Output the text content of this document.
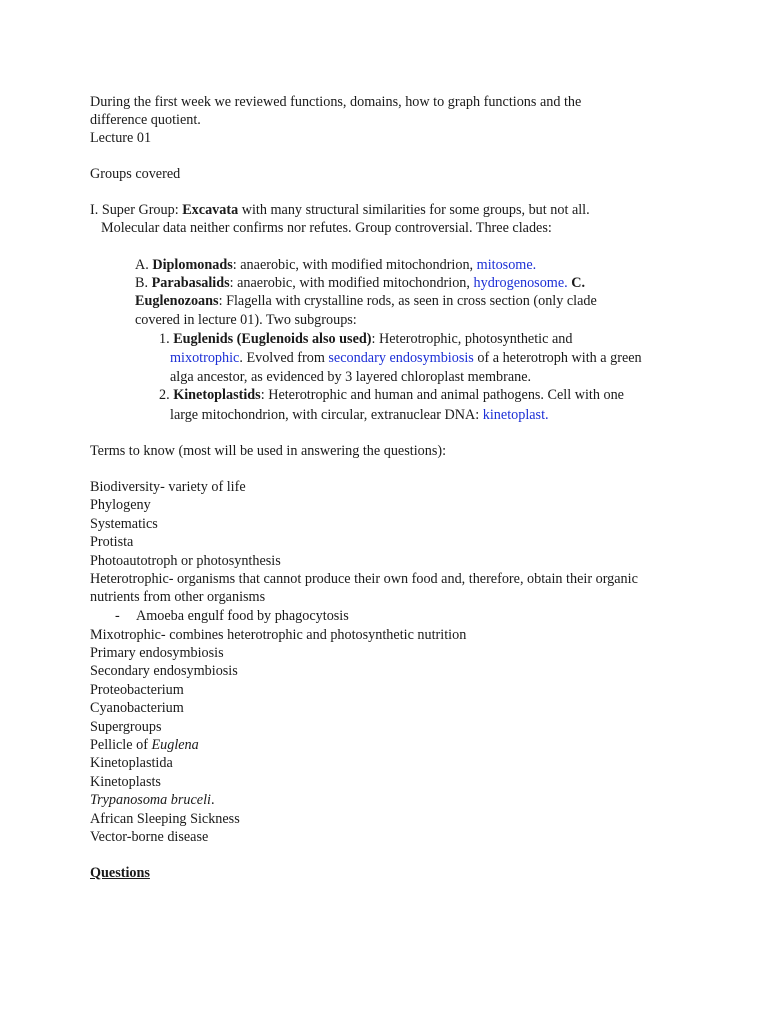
During the first week we reviewed functions, domains, how to graph functions and the
difference quotient.
Lecture 01
Groups covered
I. Super Group: Excavata with many structural similarities for some groups, but not all.
Molecular data neither confirms nor refutes. Group controversial. Three clades:
A. Diplomonads: anaerobic, with modified mitochondrion, mitosome.
B. Parabasalids: anaerobic, with modified mitochondrion, hydrogenosome. C.
Euglenozoans: Flagella with crystalline rods, as seen in cross section (only clade
covered in lecture 01). Two subgroups:
1. Euglenids (Euglenoids also used): Heterotrophic, photosynthetic and
mixotrophic. Evolved from secondary endosymbiosis of a heterotroph with a green
alga ancestor, as evidenced by 3 layered chloroplast membrane.
2. Kinetoplastids: Heterotrophic and human and animal pathogens. Cell with one
large mitochondrion, with circular, extranuclear DNA: kinetoplast.
Terms to know (most will be used in answering the questions):
Biodiversity- variety of life
Phylogeny
Systematics
Protista
Photoautotroph or photosynthesis
Heterotrophic- organisms that cannot produce their own food and, therefore, obtain their organic
nutrients from other organisms
- Amoeba engulf food by phagocytosis
Mixotrophic- combines heterotrophic and photosynthetic nutrition
Primary endosymbiosis
Secondary endosymbiosis
Proteobacterium
Cyanobacterium
Supergroups
Pellicle of Euglena
Kinetoplastida
Kinetoplasts
Trypanosoma bruceli.
African Sleeping Sickness
Vector-borne disease
Questions
